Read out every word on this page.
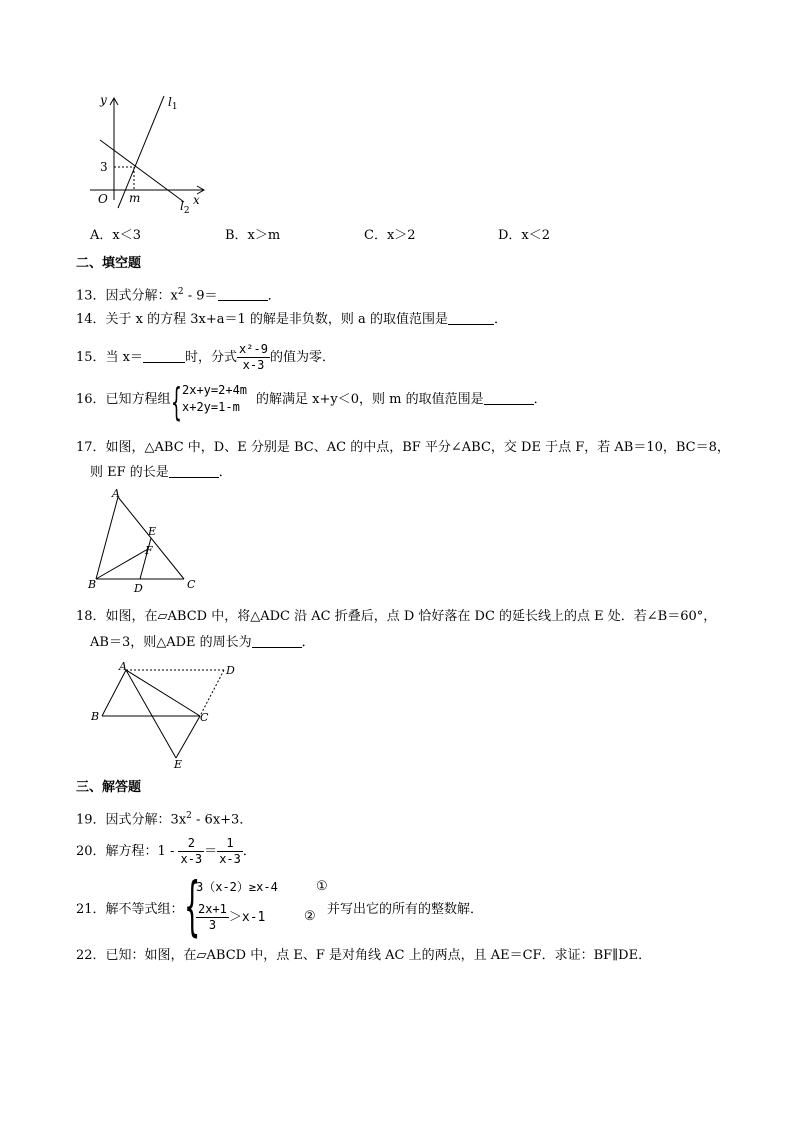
y
x
O
3
m
$l_1$
$l_2$
A．x＜3	B．x＞m	C．x＞2	D．x＜2
二、填空题
13．因式分解：$x^2 - 9=$	．
14．关于 x 的方程 3x+a＝1 的解是非负数，则 a 的取值范围是	．
15．当 x＝	时，分式 $\frac{\text{x²-9}}{x-3}$ 的值为零．
16．已知方程组 { 2x+y=2+4m
x+2y=1-m	的解满足 x+y＜0，则 m 的取值范围是	．
17．如图，△ABC 中，D、E 分别是 BC、AC 的中点，BF 平分∠ABC，交 DE 于点 F，若 AB＝10，BC＝8，
则 EF 的长是	．
A
B	C
D
E
F
18．如图，在▱ABCD 中，将△ADC 沿 AC 折叠后，点 D 恰好落在 DC 的延长线上的点 E 处．若∠B＝60°，
AB＝3，则△ADE 的周长为	．
A
B	C
D
E
三、解答题
19．因式分解：$3x^2 - 6x+3$．
20．解方程：$1 - \frac{2}{x-3} = \frac{1}{x-3}$ ．
21．解不等式组： {
3（x-2）≥x-4	①
$\frac{2x+1}{3} >x-1$	② 并写出它的所有的整数解．
22．已知：如图，在▱ABCD 中，点 E、F 是对角线 AC 上的两点，且 AE＝CF．求证：BF∥DE．
